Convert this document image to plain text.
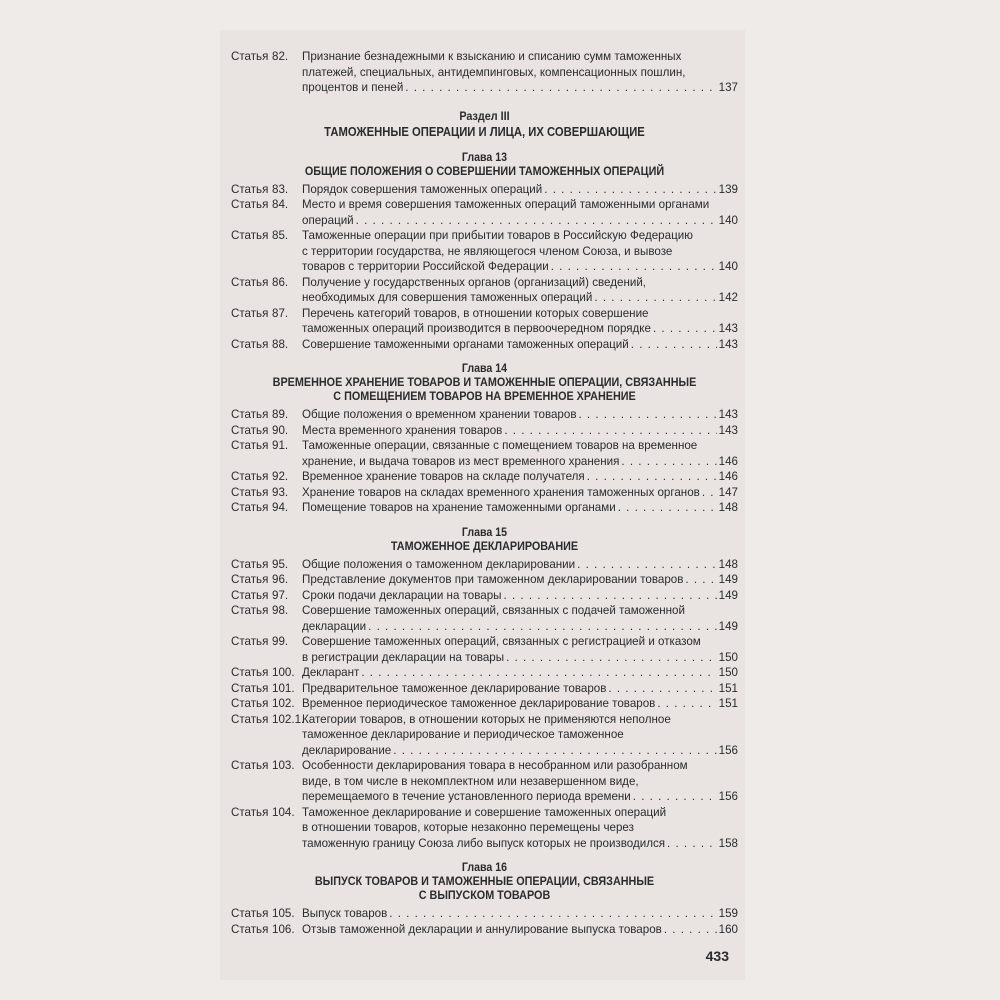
Статья 82.	Признание безнадежными к взысканию и списанию сумм таможенных
платежей, специальных, антидемпинговых, компенсационных пошлин,
процентов и пеней . . .	137
Раздел III
ТАМОЖЕННЫЕ ОПЕРАЦИИ И ЛИЦА, ИХ СОВЕРШАЮЩИЕ
Глава 13
ОБЩИЕ ПОЛОЖЕНИЯ О СОВЕРШЕНИИ ТАМОЖЕННЫХ ОПЕРАЦИЙ
Статья 83.	Порядок совершения таможенных операций . . .	139
Статья 84.	Место и время совершения таможенных операций таможенными органами
операций . . .	140
Статья 85.	Таможенные операции при прибытии товаров в Российскую Федерацию
с территории государства, не являющегося членом Союза, и вывозе
товаров с территории Российской Федерации . . .	140
Статья 86.	Получение у государственных органов (организаций) сведений,
необходимых для совершения таможенных операций . . .	142
Статья 87.	Перечень категорий товаров, в отношении которых совершение
таможенных операций производится в первоочередном порядке . . .	143
Статья 88.	Совершение таможенными органами таможенных операций . . .	143
Глава 14
ВРЕМЕННОЕ ХРАНЕНИЕ ТОВАРОВ И ТАМОЖЕННЫЕ ОПЕРАЦИИ, СВЯЗАННЫЕ
С ПОМЕЩЕНИЕМ ТОВАРОВ НА ВРЕМЕННОЕ ХРАНЕНИЕ
Статья 89.	Общие положения о временном хранении товаров . . .	143
Статья 90.	Места временного хранения товаров . . .	143
Статья 91.	Таможенные операции, связанные с помещением товаров на временное
хранение, и выдача товаров из мест временного хранения . . .	146
Статья 92.	Временное хранение товаров на складе получателя . . .	146
Статья 93.	Хранение товаров на складах временного хранения таможенных органов . . . 147
Статья 94.	Помещение товаров на хранение таможенными органами . . .	148
Глава 15
ТАМОЖЕННОЕ ДЕКЛАРИРОВАНИЕ
Статья 95.	Общие положения о таможенном декларировании . . .	148
Статья 96.	Представление документов при таможенном декларировании товаров . . .	149
Статья 97.	Сроки подачи декларации на товары . . .	149
Статья 98.	Совершение таможенных операций, связанных с подачей таможенной
декларации . . .	149
Статья 99.	Совершение таможенных операций, связанных с регистрацией и отказом
в регистрации декларации на товары . . .	150
Статья 100. Декларант . . .	150
Статья 101. Предварительное таможенное декларирование товаров . . .	151
Статья 102. Временное периодическое таможенное декларирование товаров . . .	151
Статья 102.1.
Категории товаров, в отношении которых не применяются неполное
таможенное декларирование и периодическое таможенное
декларирование . . .	156
Статья 103. Особенности декларирования товара в несобранном или разобранном
виде, в том числе в некомплектном или незавершенном виде,
перемещаемого в течение установленного периода времени . . .	156
Статья 104. Таможенное декларирование и совершение таможенных операций
в отношении товаров, которые незаконно перемещены через
таможенную границу Союза либо выпуск которых не производился . . .	158
Глава 16
ВЫПУСК ТОВАРОВ И ТАМОЖЕННЫЕ ОПЕРАЦИИ, СВЯЗАННЫЕ
С ВЫПУСКОМ ТОВАРОВ
Статья 105. Выпуск товаров . . .	159
Статья 106. Отзыв таможенной декларации и аннулирование выпуска товаров . . .	160
433
